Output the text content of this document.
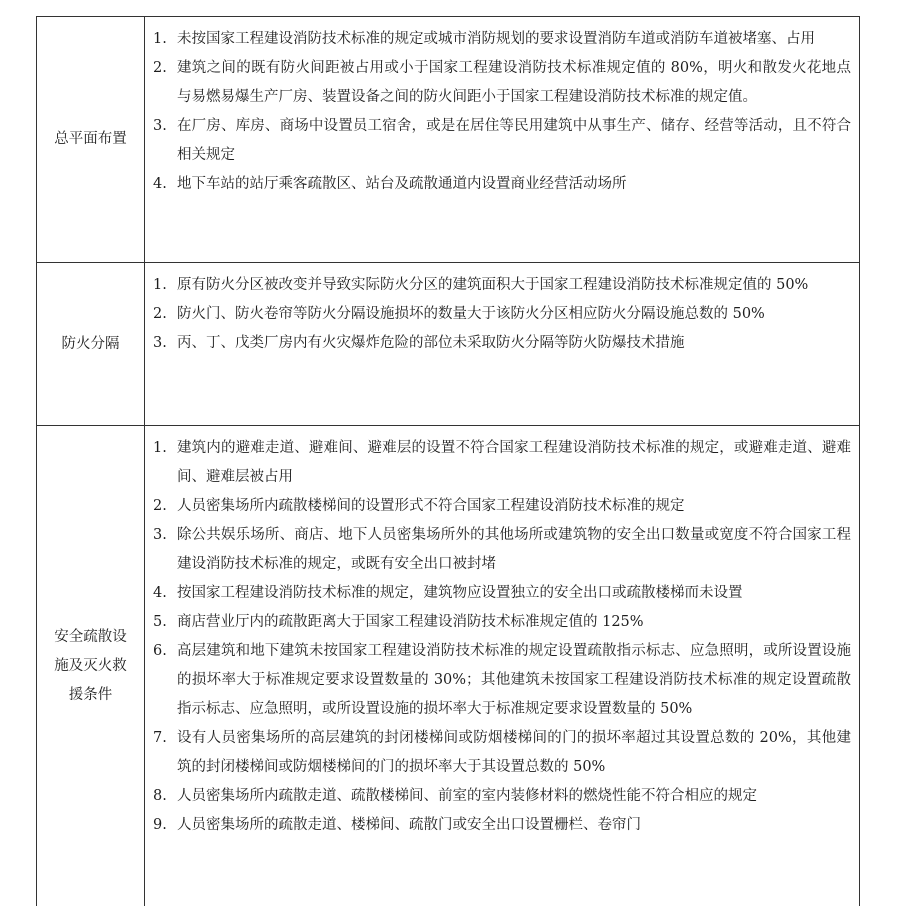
总平面布置
1. 未按国家工程建设消防技术标准的规定或城市消防规划的要求设置消防车道或消防车道被堵塞、占用
2. 建筑之间的既有防火间距被占用或小于国家工程建设消防技术标准规定值的 80%，明火和散发火花地点与易燃易爆生产厂房、装置设备之间的防火间距小于国家工程建设消防技术标准的规定值。
3. 在厂房、库房、商场中设置员工宿舍，或是在居住等民用建筑中从事生产、储存、经营等活动，且不符合相关规定
4. 地下车站的站厅乘客疏散区、站台及疏散通道内设置商业经营活动场所
防火分隔
1. 原有防火分区被改变并导致实际防火分区的建筑面积大于国家工程建设消防技术标准规定值的 50%
2. 防火门、防火卷帘等防火分隔设施损坏的数量大于该防火分区相应防火分隔设施总数的 50%
3. 丙、丁、戊类厂房内有火灾爆炸危险的部位未采取防火分隔等防火防爆技术措施
安全疏散设施及灭火救援条件
1. 建筑内的避难走道、避难间、避难层的设置不符合国家工程建设消防技术标准的规定，或避难走道、避难间、避难层被占用
2. 人员密集场所内疏散楼梯间的设置形式不符合国家工程建设消防技术标准的规定
3. 除公共娱乐场所、商店、地下人员密集场所外的其他场所或建筑物的安全出口数量或宽度不符合国家工程建设消防技术标准的规定，或既有安全出口被封堵
4. 按国家工程建设消防技术标准的规定，建筑物应设置独立的安全出口或疏散楼梯而未设置
5. 商店营业厅内的疏散距离大于国家工程建设消防技术标准规定值的 125%
6. 高层建筑和地下建筑未按国家工程建设消防技术标准的规定设置疏散指示标志、应急照明，或所设置设施的损坏率大于标准规定要求设置数量的 30%；其他建筑未按国家工程建设消防技术标准的规定设置疏散指示标志、应急照明，或所设置设施的损坏率大于标准规定要求设置数量的 50%
7. 设有人员密集场所的高层建筑的封闭楼梯间或防烟楼梯间的门的损坏率超过其设置总数的 20%，其他建筑的封闭楼梯间或防烟楼梯间的门的损坏率大于其设置总数的 50%
8. 人员密集场所内疏散走道、疏散楼梯间、前室的室内装修材料的燃烧性能不符合相应的规定
9. 人员密集场所的疏散走道、楼梯间、疏散门或安全出口设置栅栏、卷帘门
